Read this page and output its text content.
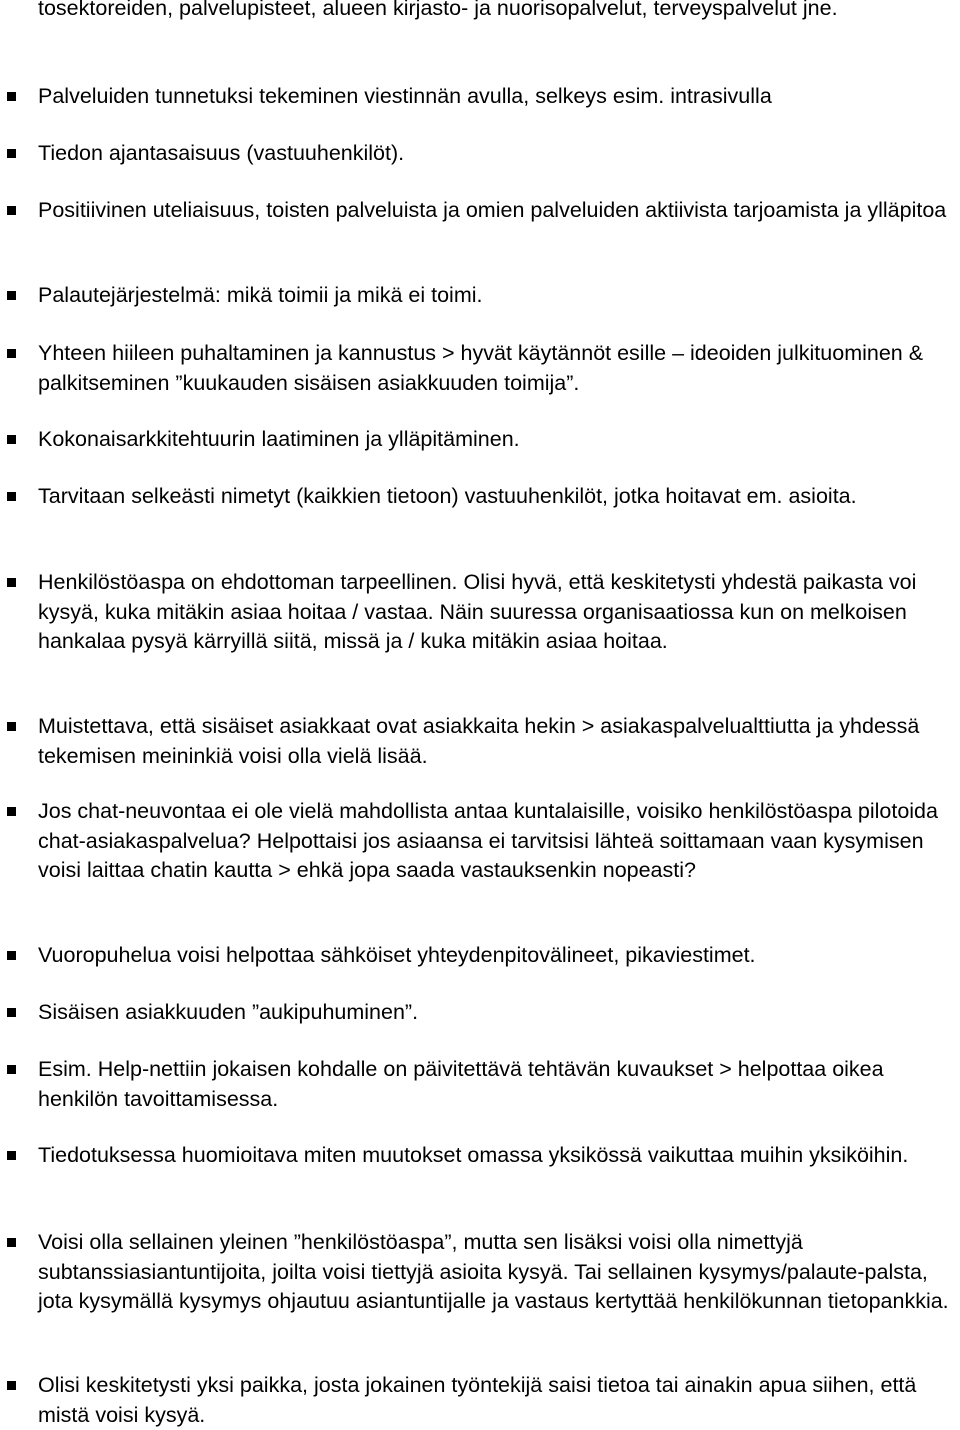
tosektoreiden, palvelupisteet, alueen kirjasto- ja nuorisopalvelut, terveyspalvelut jne.

Palveluiden tunnetuksi tekeminen viestinnän avulla, selkeys esim. intrasivulla

Tiedon ajantasaisuus (vastuuhenkilöt).

Positiivinen uteliaisuus, toisten palveluista ja omien palveluiden aktiivista tarjoamista ja ylläpitoa

Palautejärjestelmä: mikä toimii ja mikä ei toimi.

Yhteen hiileen puhaltaminen ja kannustus > hyvät käytännöt esille – ideoiden julkituominen & palkitseminen ”kuukauden sisäisen asiakkuuden toimija”.

Kokonaisarkkitehtuurin laatiminen ja ylläpitäminen.

Tarvitaan selkeästi nimetyt (kaikkien tietoon) vastuuhenkilöt, jotka hoitavat em. asioita.

Henkilöstöaspa on ehdottoman tarpeellinen. Olisi hyvä, että keskitetysti yhdestä paikasta voi kysyä, kuka mitäkin asiaa hoitaa / vastaa. Näin suuressa organisaatiossa kun on melkoisen hankalaa pysyä kärryillä siitä, missä ja / kuka mitäkin asiaa hoitaa.

Muistettava, että sisäiset asiakkaat ovat asiakkaita hekin > asiakaspalvelualttiutta ja yhdessä tekemisen meininkiä voisi olla vielä lisää.

Jos chat-neuvontaa ei ole vielä mahdollista antaa kuntalaisille, voisiko henkilöstöaspa pilotoida chat-asiakaspalvelua? Helpottaisi jos asiaansa ei tarvitsisi lähteä soittamaan vaan kysymisen voisi laittaa chatin kautta > ehkä jopa saada vastauksenkin nopeasti?

Vuoropuhelua voisi helpottaa sähköiset yhteydenpitovälineet, pikaviestimet.

Sisäisen asiakkuuden ”aukipuhuminen”.

Esim. Help-nettiin jokaisen kohdalle on päivitettävä tehtävän kuvaukset > helpottaa oikea henkilön tavoittamisessa.

Tiedotuksessa huomioitava miten muutokset omassa yksikössä vaikuttaa muihin yksiköihin.

Voisi olla sellainen yleinen ”henkilöstöaspa”, mutta sen lisäksi voisi olla nimettyjä subtanssiasiantuntijoita, joilta voisi tiettyjä asioita kysyä. Tai sellainen kysymys/palaute-palsta, jota kysymällä kysymys ohjautuu asiantuntijalle ja vastaus kertyttää henkilökunnan tietopankkia.

Olisi keskitetysti yksi paikka, josta jokainen työntekijä saisi tietoa tai ainakin apua siihen, että mistä voisi kysyä.
